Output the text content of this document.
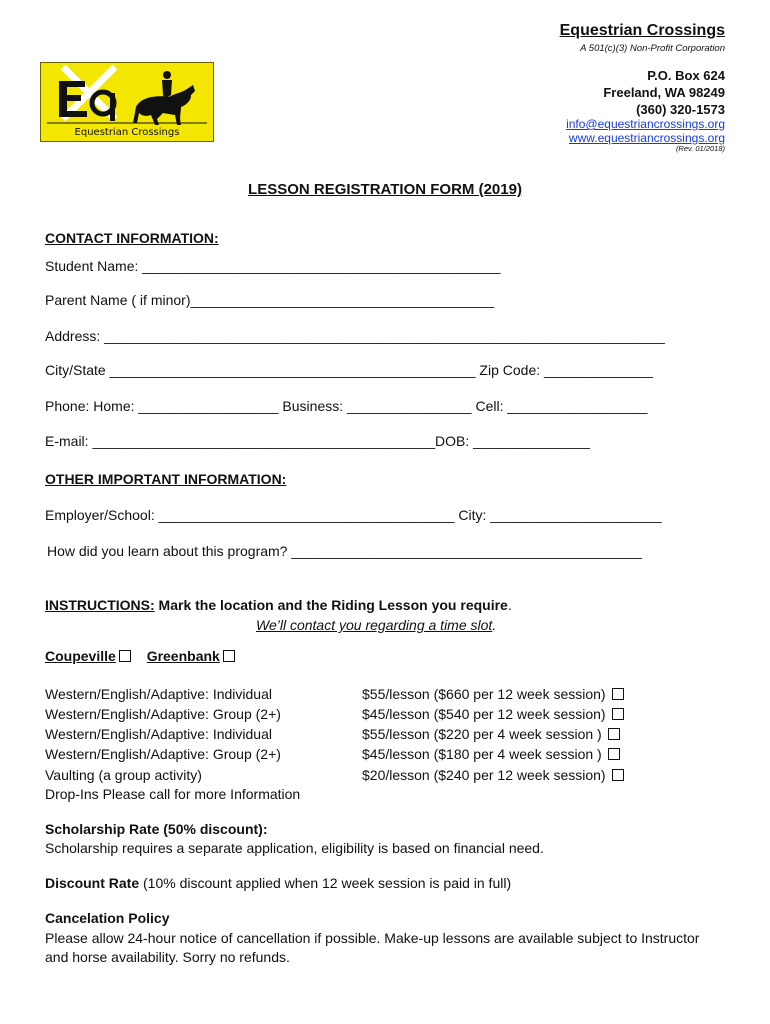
Equestrian Crossings
A 501(c)(3) Non-Profit Corporation
P.O. Box 624
Freeland, WA 98249
(360) 320-1573
info@equestriancrossings.org
www.equestriancrossings.org
(Rev. 01/2018)
Equestrian Crossings
LESSON REGISTRATION FORM (2019)
CONTACT INFORMATION:
Student Name: ______________________________________________
Parent Name ( if minor)_______________________________________
Address: ________________________________________________________________________
City/State _______________________________________________ Zip Code: ______________
Phone: Home: __________________ Business: ________________ Cell: __________________
E-mail: ____________________________________________DOB: _______________
OTHER IMPORTANT INFORMATION:
Employer/School: ______________________________________ City: ______________________
How did you learn about this program? _____________________________________________
INSTRUCTIONS: Mark the location and the Riding Lesson you require.
We’ll contact you regarding a time slot.
Coupeville Greenbank
Western/English/Adaptive: Individual	$55/lesson ($660 per 12 week session)
Western/English/Adaptive: Group (2+)	$45/lesson ($540 per 12 week session)
Western/English/Adaptive: Individual	$55/lesson ($220 per 4 week session )
Western/English/Adaptive: Group (2+)	$45/lesson ($180 per 4 week session )
Vaulting (a group activity)	$20/lesson ($240 per 12 week session)
Drop-Ins Please call for more Information
Scholarship Rate (50% discount):
Scholarship requires a separate application, eligibility is based on financial need.
Discount Rate (10% discount applied when 12 week session is paid in full)
Cancelation Policy
Please allow 24-hour notice of cancellation if possible. Make-up lessons are available subject to Instructor and horse availability. Sorry no refunds.
